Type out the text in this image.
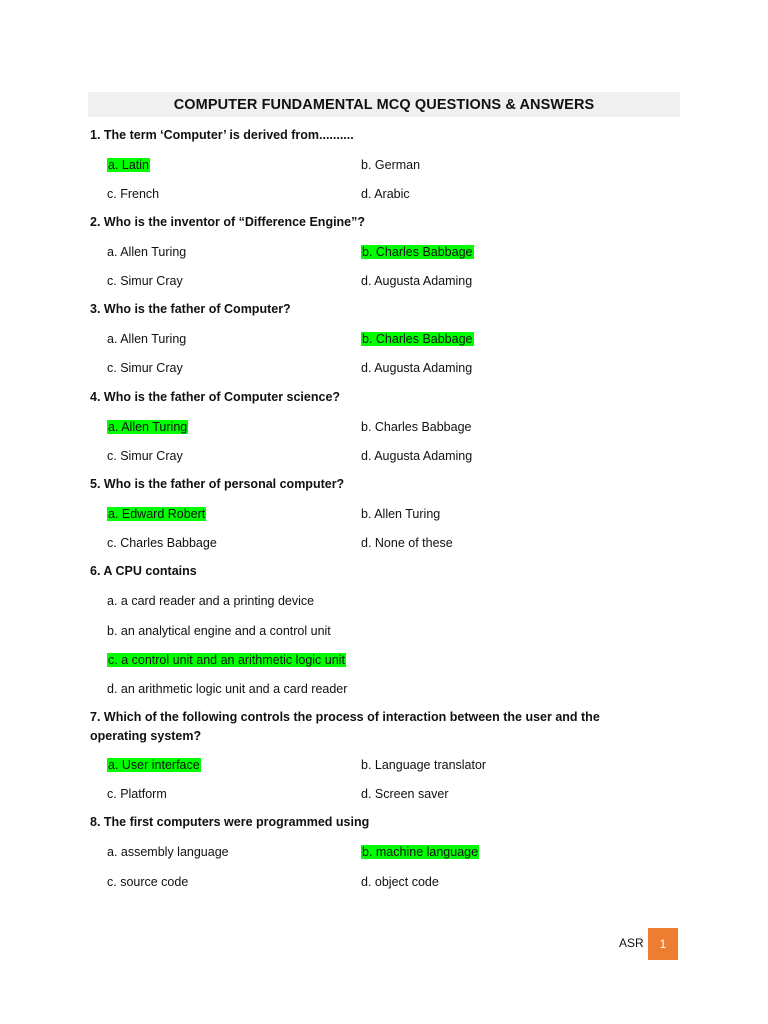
COMPUTER FUNDAMENTAL MCQ QUESTIONS & ANSWERS
1. The term ‘Computer’ is derived from..........
a. Latin	b. German
c. French	d. Arabic
2. Who is the inventor of “Difference Engine”?
a. Allen Turing	b. Charles Babbage
c. Simur Cray	d. Augusta Adaming
3. Who is the father of Computer?
a. Allen Turing	b. Charles Babbage
c. Simur Cray	d. Augusta Adaming
4. Who is the father of Computer science?
a. Allen Turing	b. Charles Babbage
c. Simur Cray	d. Augusta Adaming
5. Who is the father of personal computer?
a. Edward Robert	b. Allen Turing
c. Charles Babbage	d. None of these
6. A CPU contains
a. a card reader and a printing device
b. an analytical engine and a control unit
c. a control unit and an arithmetic logic unit
d. an arithmetic logic unit and a card reader
7. Which of the following controls the process of interaction between the user and the operating system?
a. User interface	b. Language translator
c. Platform	d. Screen saver
8. The first computers were programmed using
a. assembly language	b. machine language
c. source code	d. object code
ASR	1
